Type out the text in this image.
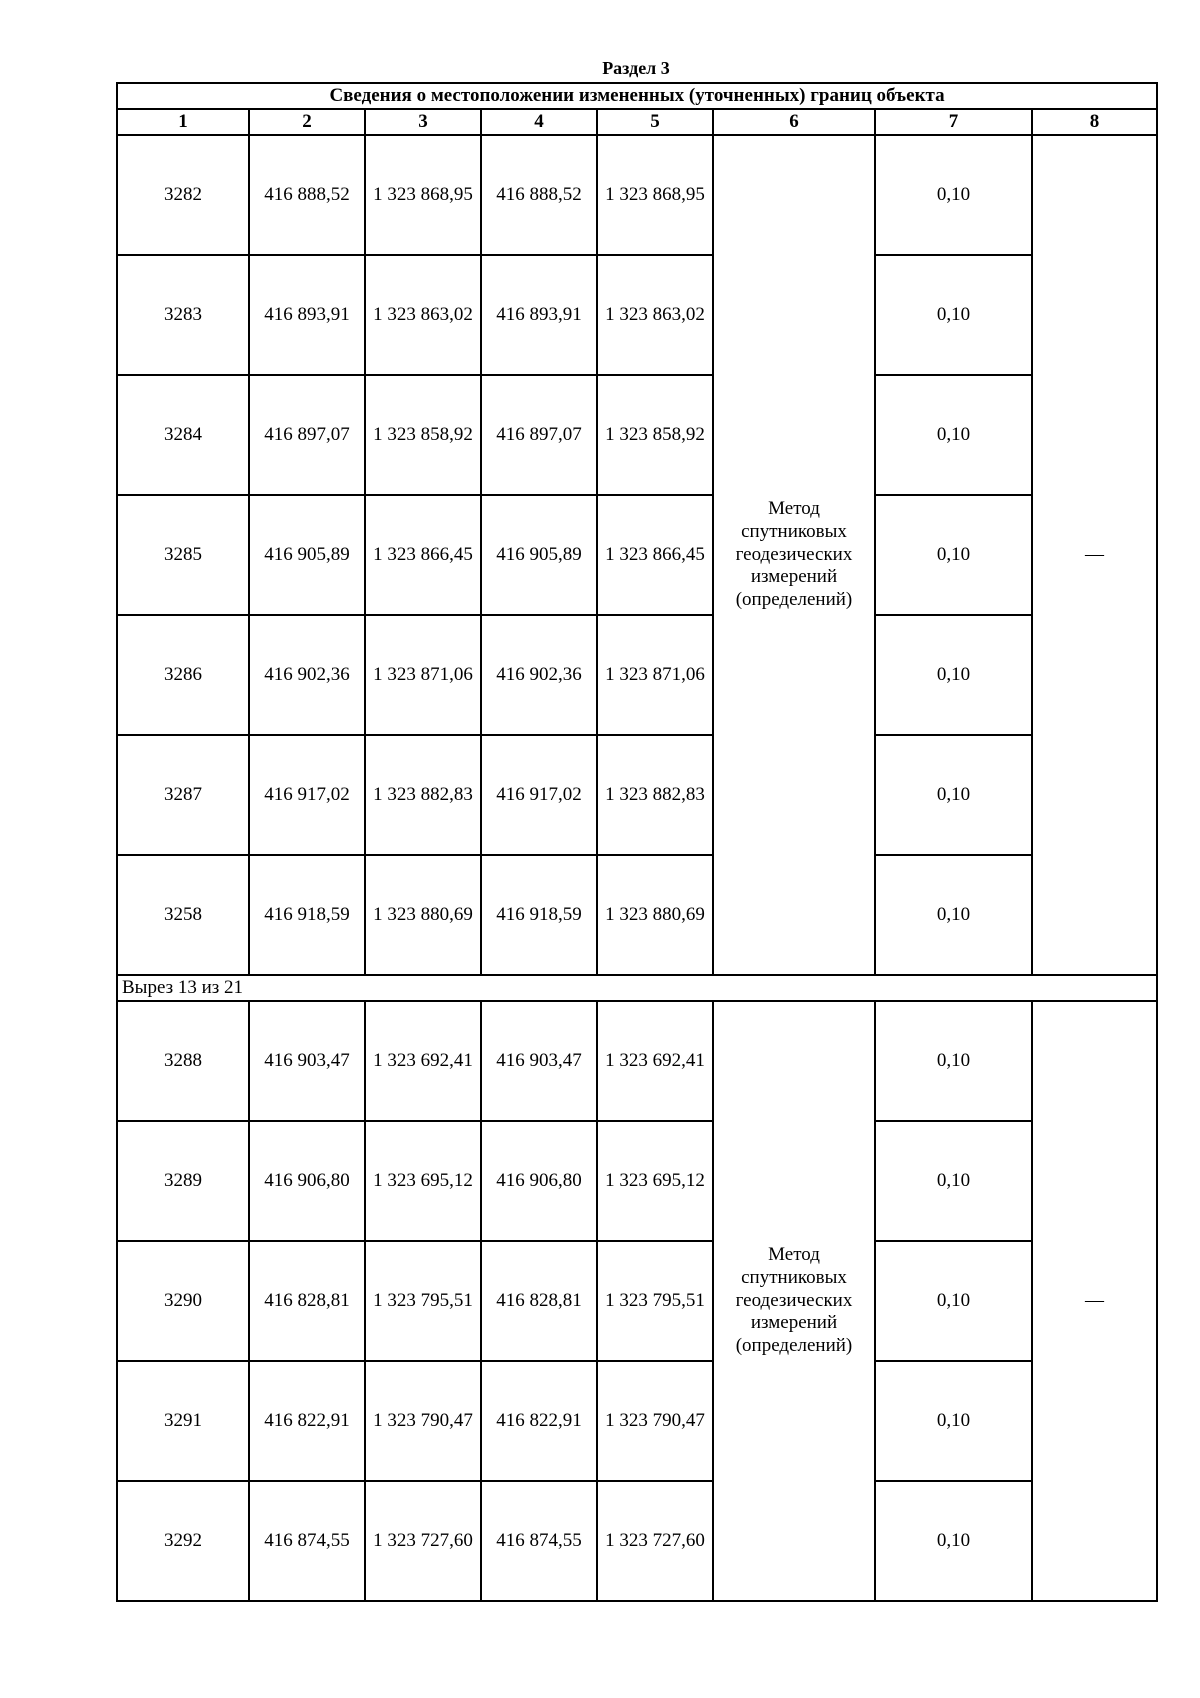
Раздел 3
Сведения о местоположении измененных (уточненных) границ объекта							
1	2	3	4	5	6	7	8
3282	416 888,52	1 323 868,95	416 888,52	1 323 868,95	Метод спутниковых геодезических измерений (определений)	0,10	—
3283	416 893,91	1 323 863,02	416 893,91	1 323 863,02		0,10	
3284	416 897,07	1 323 858,92	416 897,07	1 323 858,92		0,10	
3285	416 905,89	1 323 866,45	416 905,89	1 323 866,45		0,10	
3286	416 902,36	1 323 871,06	416 902,36	1 323 871,06		0,10	
3287	416 917,02	1 323 882,83	416 917,02	1 323 882,83		0,10	
3258	416 918,59	1 323 880,69	416 918,59	1 323 880,69		0,10	
Вырез 13 из 21							
3288	416 903,47	1 323 692,41	416 903,47	1 323 692,41	Метод спутниковых геодезических измерений (определений)	0,10	—
3289	416 906,80	1 323 695,12	416 906,80	1 323 695,12		0,10	
3290	416 828,81	1 323 795,51	416 828,81	1 323 795,51		0,10	
3291	416 822,91	1 323 790,47	416 822,91	1 323 790,47		0,10	
3292	416 874,55	1 323 727,60	416 874,55	1 323 727,60		0,10	
